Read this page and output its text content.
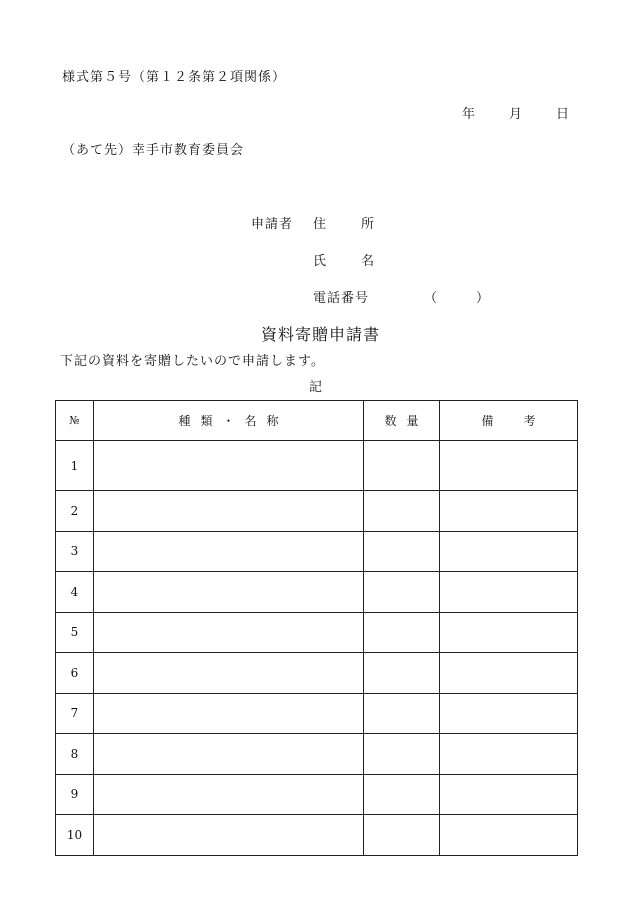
様式第５号（第１２条第２項関係）
年	月	日
（あて先）幸手市教育委員会
申請者 住　　所
氏　　名
電話番号	（	）
資料寄贈申請書
下記の資料を寄贈したいので申請します。
記
№	種類・名称	数量	備考
1			
2			
3			
4			
5			
6			
7			
8			
9			
10			
